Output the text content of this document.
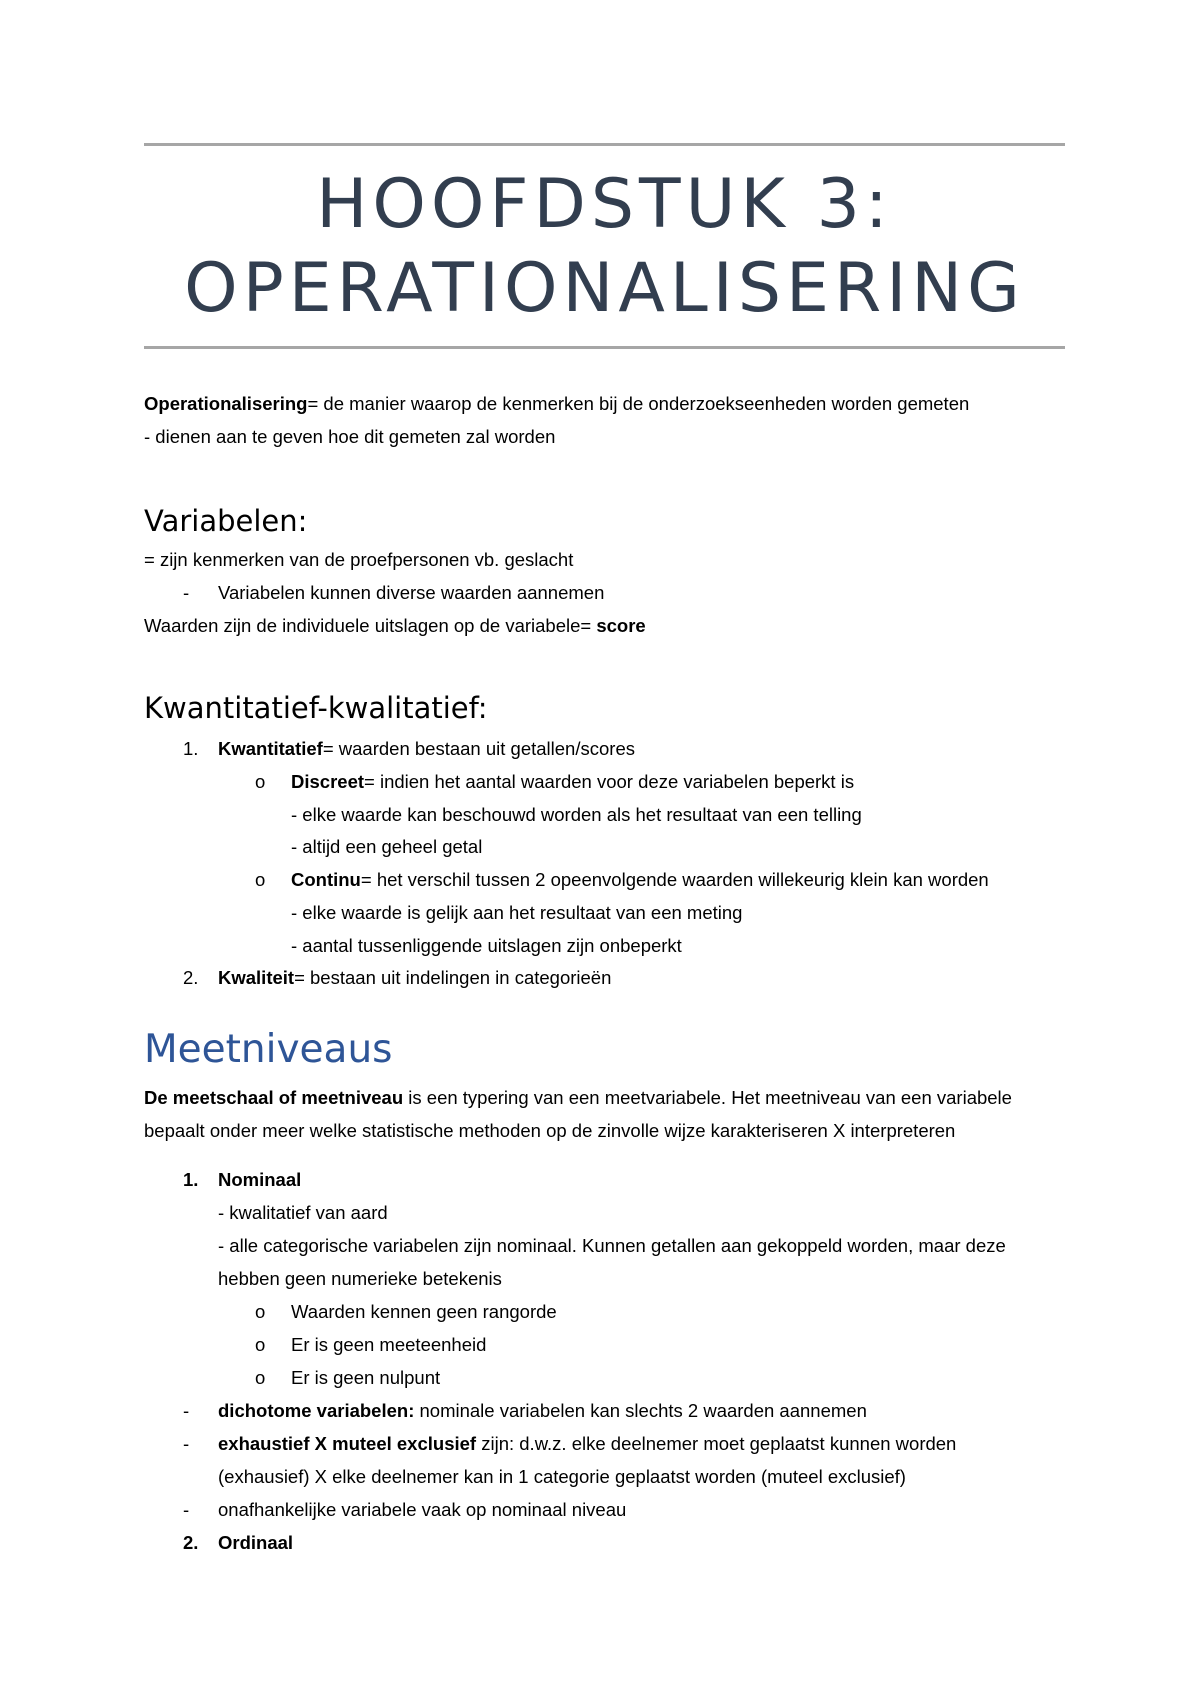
HOOFDSTUK 3:
OPERATIONALISERING
Operationalisering= de manier waarop de kenmerken bij de onderzoekseenheden worden gemeten
- dienen aan te geven hoe dit gemeten zal worden
Variabelen:
= zijn kenmerken van de proefpersonen vb. geslacht
- Variabelen kunnen diverse waarden aannemen
Waarden zijn de individuele uitslagen op de variabele= score
Kwantitatief-kwalitatief:
1. Kwantitatief= waarden bestaan uit getallen/scores
o Discreet= indien het aantal waarden voor deze variabelen beperkt is
- elke waarde kan beschouwd worden als het resultaat van een telling
- altijd een geheel getal
o Continu= het verschil tussen 2 opeenvolgende waarden willekeurig klein kan worden
- elke waarde is gelijk aan het resultaat van een meting
- aantal tussenliggende uitslagen zijn onbeperkt
2. Kwaliteit= bestaan uit indelingen in categorieën
Meetniveaus
De meetschaal of meetniveau is een typering van een meetvariabele. Het meetniveau van een variabele
bepaalt onder meer welke statistische methoden op de zinvolle wijze karakteriseren X interpreteren
1. Nominaal
- kwalitatief van aard
- alle categorische variabelen zijn nominaal. Kunnen getallen aan gekoppeld worden, maar deze
hebben geen numerieke betekenis
o Waarden kennen geen rangorde
o Er is geen meeteenheid
o Er is geen nulpunt
- dichotome variabelen: nominale variabelen kan slechts 2 waarden aannemen
- exhaustief X muteel exclusief zijn: d.w.z. elke deelnemer moet geplaatst kunnen worden
(exhausief) X elke deelnemer kan in 1 categorie geplaatst worden (muteel exclusief)
- onafhankelijke variabele vaak op nominaal niveau
2. Ordinaal
